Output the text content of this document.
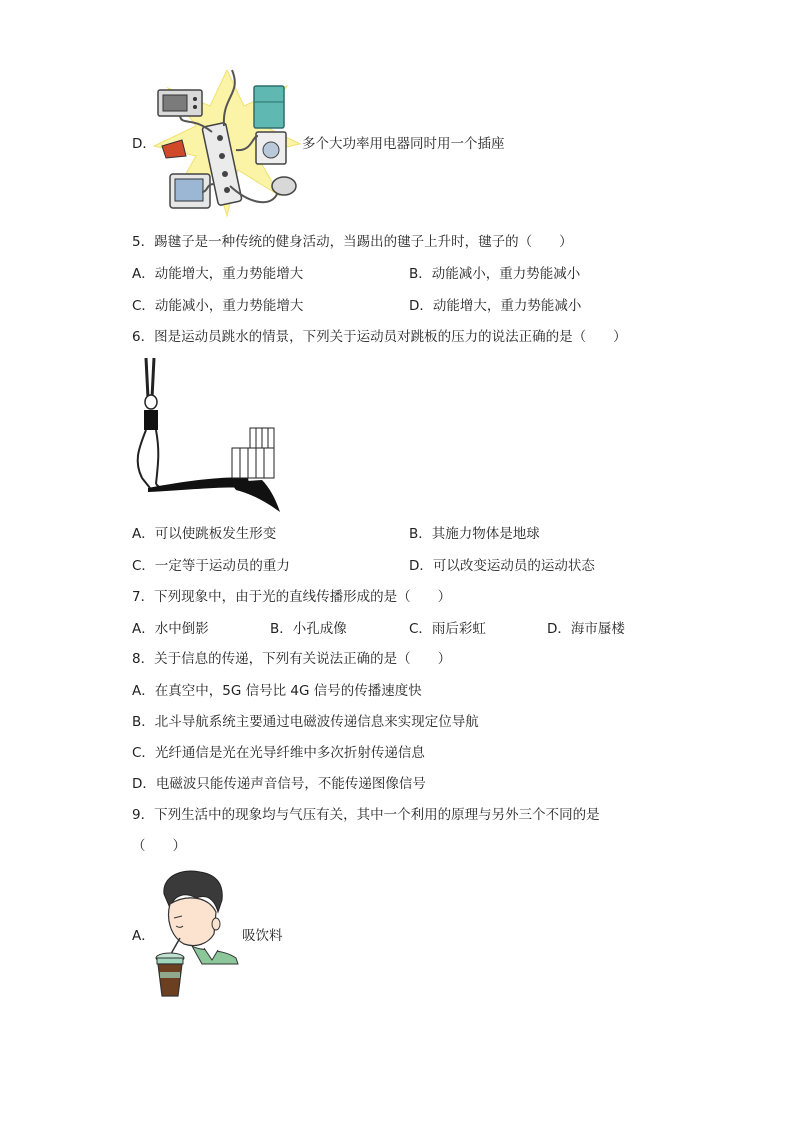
D．	多个大功率用电器同时用一个插座
5．踢毽子是一种传统的健身活动，当踢出的毽子上升时，毽子的（　　）
A．动能增大，重力势能增大	B．动能减小，重力势能减小
C．动能减小，重力势能增大	D．动能增大，重力势能减小
6．图是运动员跳水的情景，下列关于运动员对跳板的压力的说法正确的是（　　）
A．可以使跳板发生形变	B．其施力物体是地球
C．一定等于运动员的重力	D．可以改变运动员的运动状态
7．下列现象中，由于光的直线传播形成的是（　　）
A．水中倒影	B．小孔成像	C．雨后彩虹	D．海市蜃楼
8．关于信息的传递，下列有关说法正确的是（　　）
A．在真空中，5G 信号比 4G 信号的传播速度快
B．北斗导航系统主要通过电磁波传递信息来实现定位导航
C．光纤通信是光在光导纤维中多次折射传递信息
D．电磁波只能传递声音信号，不能传递图像信号
9．下列生活中的现象均与气压有关，其中一个利用的原理与另外三个不同的是
（　　）
A．	吸饮料
